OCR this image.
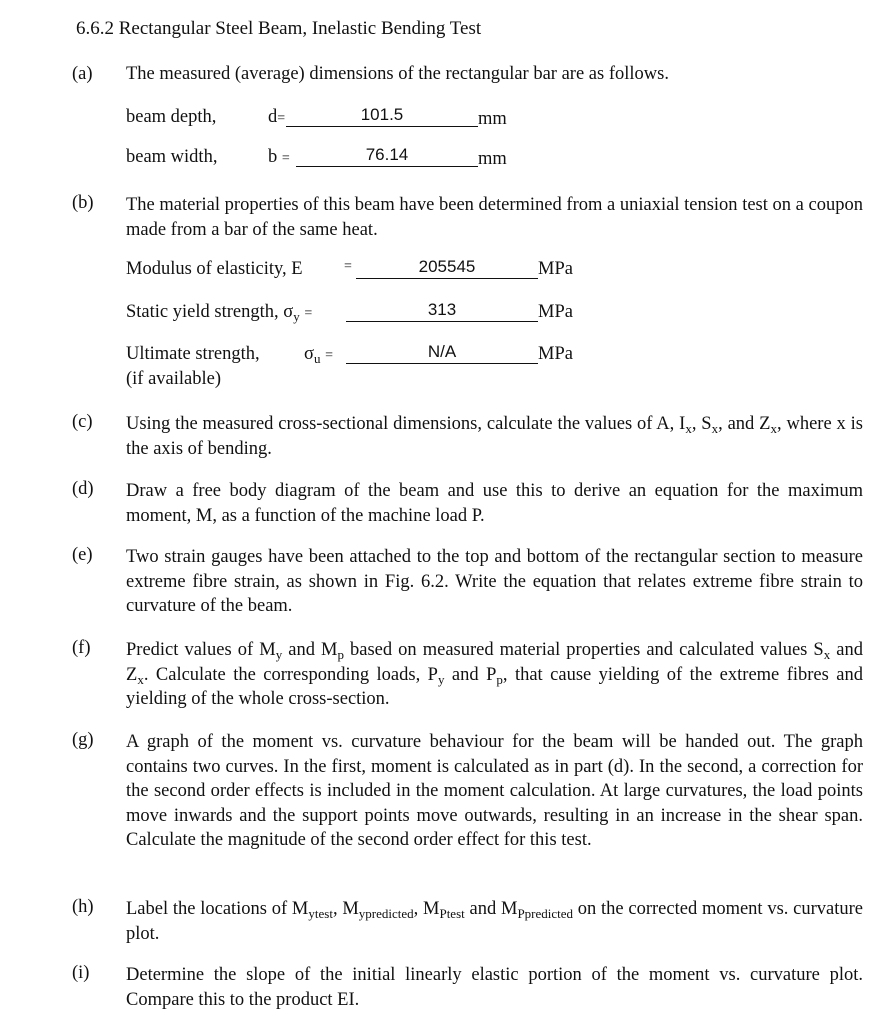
6.6.2 Rectangular Steel Beam, Inelastic Bending Test
(a) The measured (average) dimensions of the rectangular bar are as follows.
beam depth,	d=	101.5	mm
beam width,	b =	76.14	mm
(b) The material properties of this beam have been determined from a uniaxial tension test on a coupon made from a bar of the same heat.
Modulus of elasticity, E	=	205545	MPa
Static yield strength, $\sigma_y$ =	313	MPa
Ultimate strength, $\sigma_u$ =	N/A	MPa
(if available)
(c) Using the measured cross-sectional dimensions, calculate the values of A, $I_x$, $S_x$, and $Z_x$, where x is the axis of bending.
(d) Draw a free body diagram of the beam and use this to derive an equation for the maximum moment, M, as a function of the machine load P.
(e) Two strain gauges have been attached to the top and bottom of the rectangular section to measure extreme fibre strain, as shown in Fig. 6.2. Write the equation that relates extreme fibre strain to curvature of the beam.
(f) Predict values of $M_y$ and $M_p$ based on measured material properties and calculated values $S_x$ and $Z_x$. Calculate the corresponding loads, $P_y$ and $P_p$, that cause yielding of the extreme fibres and yielding of the whole cross-section.
(g) A graph of the moment vs. curvature behaviour for the beam will be handed out. The graph contains two curves. In the first, moment is calculated as in part (d). In the second, a correction for the second order effects is included in the moment calculation. At large curvatures, the load points move inwards and the support points move outwards, resulting in an increase in the shear span. Calculate the magnitude of the second order effect for this test.
(h) Label the locations of $M_{ytest}$, $M_{ypredicted}$, $M_{Ptest}$ and $M_{Ppredicted}$ on the corrected moment vs. curvature plot.
(i) Determine the slope of the initial linearly elastic portion of the moment vs. curvature plot. Compare this to the product EI.
